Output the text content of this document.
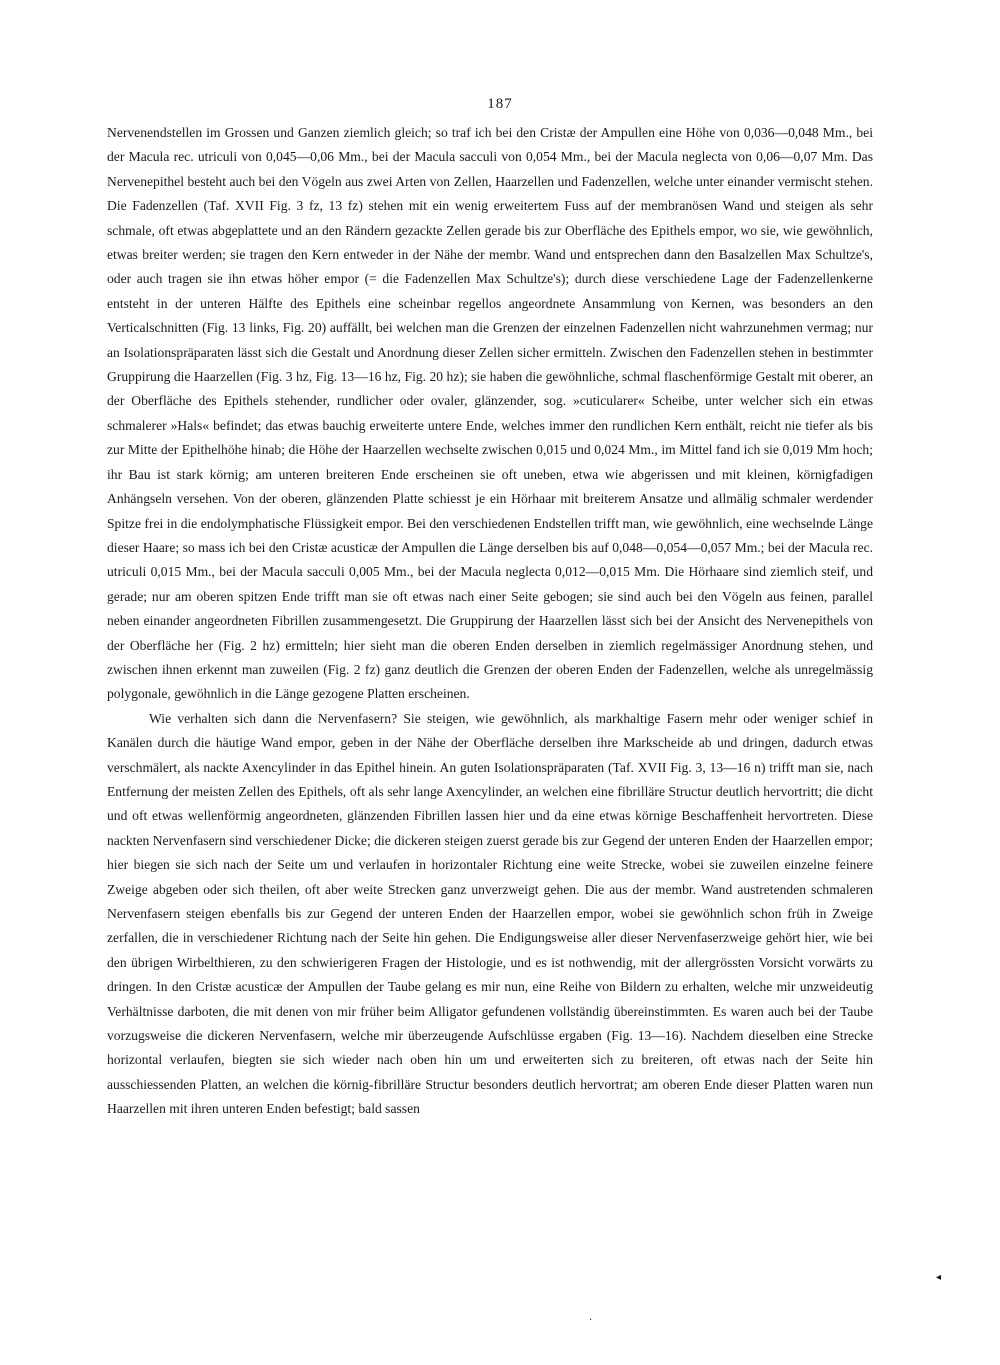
187

Nervenendstellen im Grossen und Ganzen ziemlich gleich; so traf ich bei den Cristæ der Ampullen eine Höhe von 0,036—0,048 Mm., bei der Macula rec. utriculi von 0,045—0,06 Mm., bei der Macula sacculi von 0,054 Mm., bei der Macula neglecta von 0,06—0,07 Mm. Das Nervenepithel besteht auch bei den Vögeln aus zwei Arten von Zellen, Haarzellen und Fadenzellen, welche unter einander vermischt stehen. Die Fadenzellen (Taf. XVII Fig. 3 fz, 13 fz) stehen mit ein wenig erweitertem Fuss auf der membranösen Wand und steigen als sehr schmale, oft etwas abgeplattete und an den Rändern gezackte Zellen gerade bis zur Oberfläche des Epithels empor, wo sie, wie gewöhnlich, etwas breiter werden; sie tragen den Kern entweder in der Nähe der membr. Wand und entsprechen dann den Basalzellen Max Schultze's, oder auch tragen sie ihn etwas höher empor (= die Fadenzellen Max Schultze's); durch diese verschiedene Lage der Fadenzellenkerne entsteht in der unteren Hälfte des Epithels eine scheinbar regellos angeordnete Ansammlung von Kernen, was besonders an den Verticalschnitten (Fig. 13 links, Fig. 20) auffällt, bei welchen man die Grenzen der einzelnen Fadenzellen nicht wahrzunehmen vermag; nur an Isolationspräparaten lässt sich die Gestalt und Anordnung dieser Zellen sicher ermitteln. Zwischen den Fadenzellen stehen in bestimmter Gruppirung die Haarzellen (Fig. 3 hz, Fig. 13—16 hz, Fig. 20 hz); sie haben die gewöhnliche, schmal flaschenförmige Gestalt mit oberer, an der Oberfläche des Epithels stehender, rundlicher oder ovaler, glänzender, sog. »cuticularer« Scheibe, unter welcher sich ein etwas schmalerer »Hals« befindet; das etwas bauchig erweiterte untere Ende, welches immer den rundlichen Kern enthält, reicht nie tiefer als bis zur Mitte der Epithelhöhe hinab; die Höhe der Haarzellen wechselte zwischen 0,015 und 0,024 Mm., im Mittel fand ich sie 0,019 Mm hoch; ihr Bau ist stark körnig; am unteren breiteren Ende erscheinen sie oft uneben, etwa wie abgerissen und mit kleinen, körnigfadigen Anhängseln versehen. Von der oberen, glänzenden Platte schiesst je ein Hörhaar mit breiterem Ansatze und allmälig schmaler werdender Spitze frei in die endolymphatische Flüssigkeit empor. Bei den verschiedenen Endstellen trifft man, wie gewöhnlich, eine wechselnde Länge dieser Haare; so mass ich bei den Cristæ acusticæ der Ampullen die Länge derselben bis auf 0,048—0,054—0,057 Mm.; bei der Macula rec. utriculi 0,015 Mm., bei der Macula sacculi 0,005 Mm., bei der Macula neglecta 0,012—0,015 Mm. Die Hörhaare sind ziemlich steif, und gerade; nur am oberen spitzen Ende trifft man sie oft etwas nach einer Seite gebogen; sie sind auch bei den Vögeln aus feinen, parallel neben einander angeordneten Fibrillen zusammengesetzt. Die Gruppirung der Haarzellen lässt sich bei der Ansicht des Nervenepithels von der Oberfläche her (Fig. 2 hz) ermitteln; hier sieht man die oberen Enden derselben in ziemlich regelmässiger Anordnung stehen, und zwischen ihnen erkennt man zuweilen (Fig. 2 fz) ganz deutlich die Grenzen der oberen Enden der Fadenzellen, welche als unregelmässig polygonale, gewöhnlich in die Länge gezogene Platten erscheinen.

Wie verhalten sich dann die Nervenfasern? Sie steigen, wie gewöhnlich, als markhaltige Fasern mehr oder weniger schief in Kanälen durch die häutige Wand empor, geben in der Nähe der Oberfläche derselben ihre Markscheide ab und dringen, dadurch etwas verschmälert, als nackte Axencylinder in das Epithel hinein. An guten Isolationspräparaten (Taf. XVII Fig. 3, 13—16 n) trifft man sie, nach Entfernung der meisten Zellen des Epithels, oft als sehr lange Axencylinder, an welchen eine fibrilläre Structur deutlich hervortritt; die dicht und oft etwas wellenförmig angeordneten, glänzenden Fibrillen lassen hier und da eine etwas körnige Beschaffenheit hervortreten. Diese nackten Nervenfasern sind verschiedener Dicke; die dickeren steigen zuerst gerade bis zur Gegend der unteren Enden der Haarzellen empor; hier biegen sie sich nach der Seite um und verlaufen in horizontaler Richtung eine weite Strecke, wobei sie zuweilen einzelne feinere Zweige abgeben oder sich theilen, oft aber weite Strecken ganz unverzweigt gehen. Die aus der membr. Wand austretenden schmaleren Nervenfasern steigen ebenfalls bis zur Gegend der unteren Enden der Haarzellen empor, wobei sie gewöhnlich schon früh in Zweige zerfallen, die in verschiedener Richtung nach der Seite hin gehen. Die Endigungsweise aller dieser Nervenfaserzweige gehört hier, wie bei den übrigen Wirbelthieren, zu den schwierigeren Fragen der Histologie, und es ist nothwendig, mit der allergrössten Vorsicht vorwärts zu dringen. In den Cristæ acusticæ der Ampullen der Taube gelang es mir nun, eine Reihe von Bildern zu erhalten, welche mir unzweideutig Verhältnisse darboten, die mit denen von mir früher beim Alligator gefundenen vollständig übereinstimmten. Es waren auch bei der Taube vorzugsweise die dickeren Nervenfasern, welche mir überzeugende Aufschlüsse ergaben (Fig. 13—16). Nachdem dieselben eine Strecke horizontal verlaufen, biegten sie sich wieder nach oben hin um und erweiterten sich zu breiteren, oft etwas nach der Seite hin ausschiessenden Platten, an welchen die körnig-fibrilläre Structur besonders deutlich hervortrat; am oberen Ende dieser Platten waren nun Haarzellen mit ihren unteren Enden befestigt; bald sassen

◂
·
